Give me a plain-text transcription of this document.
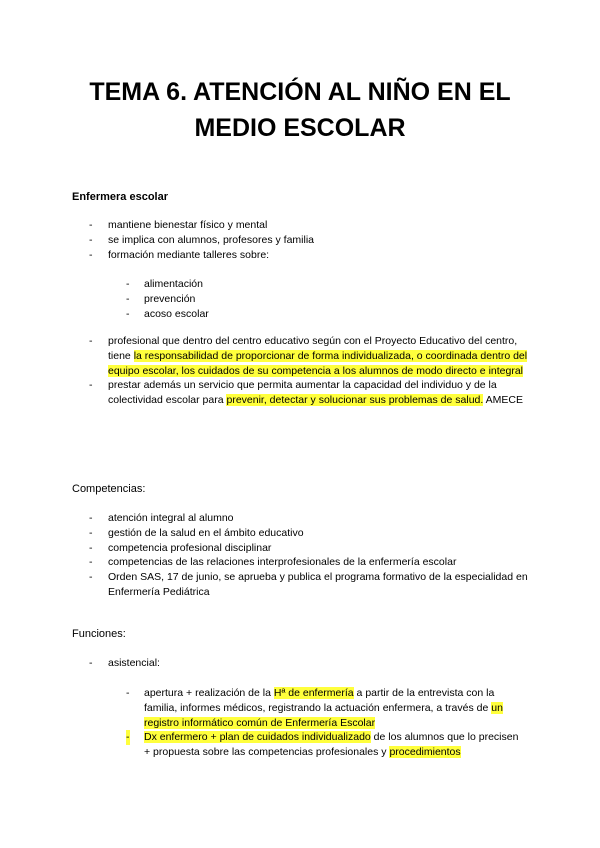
TEMA 6. ATENCIÓN AL NIÑO EN EL
MEDIO ESCOLAR

Enfermera escolar

- mantiene bienestar físico y mental
- se implica con alumnos, profesores y familia
- formación mediante talleres sobre:
- alimentación
- prevención
- acoso escolar
- profesional que dentro del centro educativo según con el Proyecto Educativo del centro, tiene la responsabilidad de proporcionar de forma individualizada, o coordinada dentro del equipo escolar, los cuidados de su competencia a los alumnos de modo directo e integral
- prestar además un servicio que permita aumentar la capacidad del individuo y de la colectividad escolar para prevenir, detectar y solucionar sus problemas de salud. AMECE

Competencias:

- atención integral al alumno
- gestión de la salud en el ámbito educativo
- competencia profesional disciplinar
- competencias de las relaciones interprofesionales de la enfermería escolar
- Orden SAS, 17 de junio, se aprueba y publica el programa formativo de la especialidad en Enfermería Pediátrica

Funciones:

- asistencial:
- apertura + realización de la Hª de enfermería a partir de la entrevista con la familia, informes médicos, registrando la actuación enfermera, a través de un registro informático común de Enfermería Escolar
- Dx enfermero + plan de cuidados individualizado de los alumnos que lo precisen + propuesta sobre las competencias profesionales y procedimientos
